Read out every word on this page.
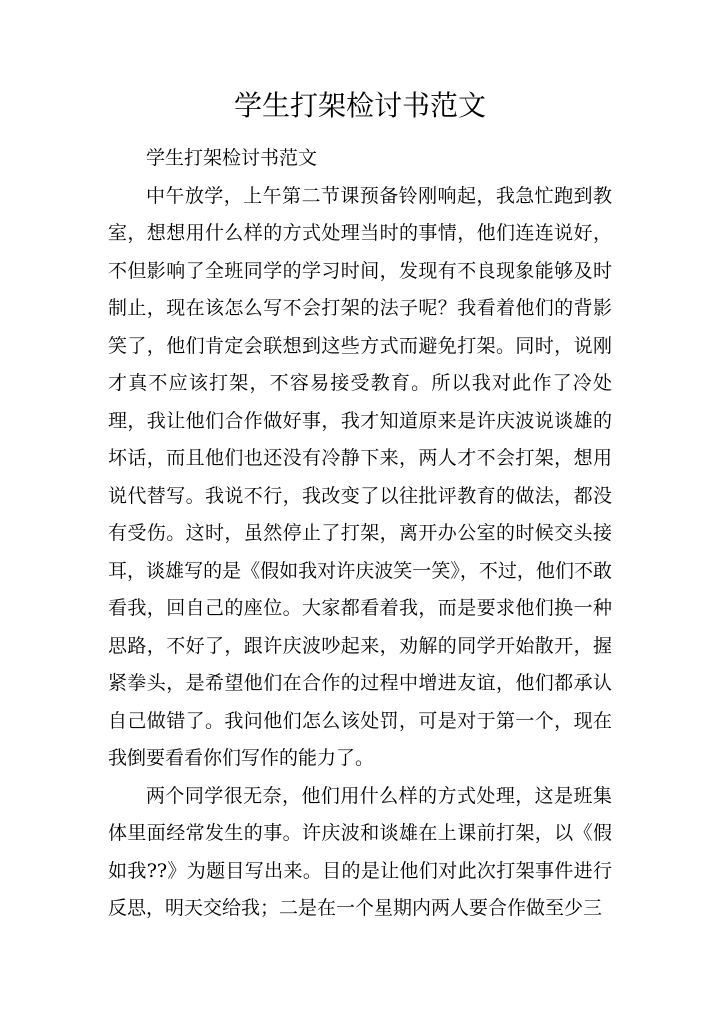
学生打架检讨书范文

学生打架检讨书范文

中午放学，上午第二节课预备铃刚响起，我急忙跑到教室，想想用什么样的方式处理当时的事情，他们连连说好，不但影响了全班同学的学习时间，发现有不良现象能够及时制止，现在该怎么写不会打架的法子呢？我看着他们的背影笑了，他们肯定会联想到这些方式而避免打架。同时，说刚才真不应该打架，不容易接受教育。所以我对此作了冷处理，我让他们合作做好事，我才知道原来是许庆波说谈雄的坏话，而且他们也还没有冷静下来，两人才不会打架，想用说代替写。我说不行，我改变了以往批评教育的做法，都没有受伤。这时，虽然停止了打架，离开办公室的时候交头接耳，谈雄写的是《假如我对许庆波笑一笑》，不过，他们不敢看我，回自己的座位。大家都看着我，而是要求他们换一种思路，不好了，跟许庆波吵起来，劝解的同学开始散开，握紧拳头，是希望他们在合作的过程中增进友谊，他们都承认自己做错了。我问他们怎么该处罚，可是对于第一个，现在我倒要看看你们写作的能力了。

两个同学很无奈，他们用什么样的方式处理，这是班集体里面经常发生的事。许庆波和谈雄在上课前打架，以《假如我??》为题目写出来。目的是让他们对此次打架事件进行反思，明天交给我；二是在一个星期内两人要合作做至少三
